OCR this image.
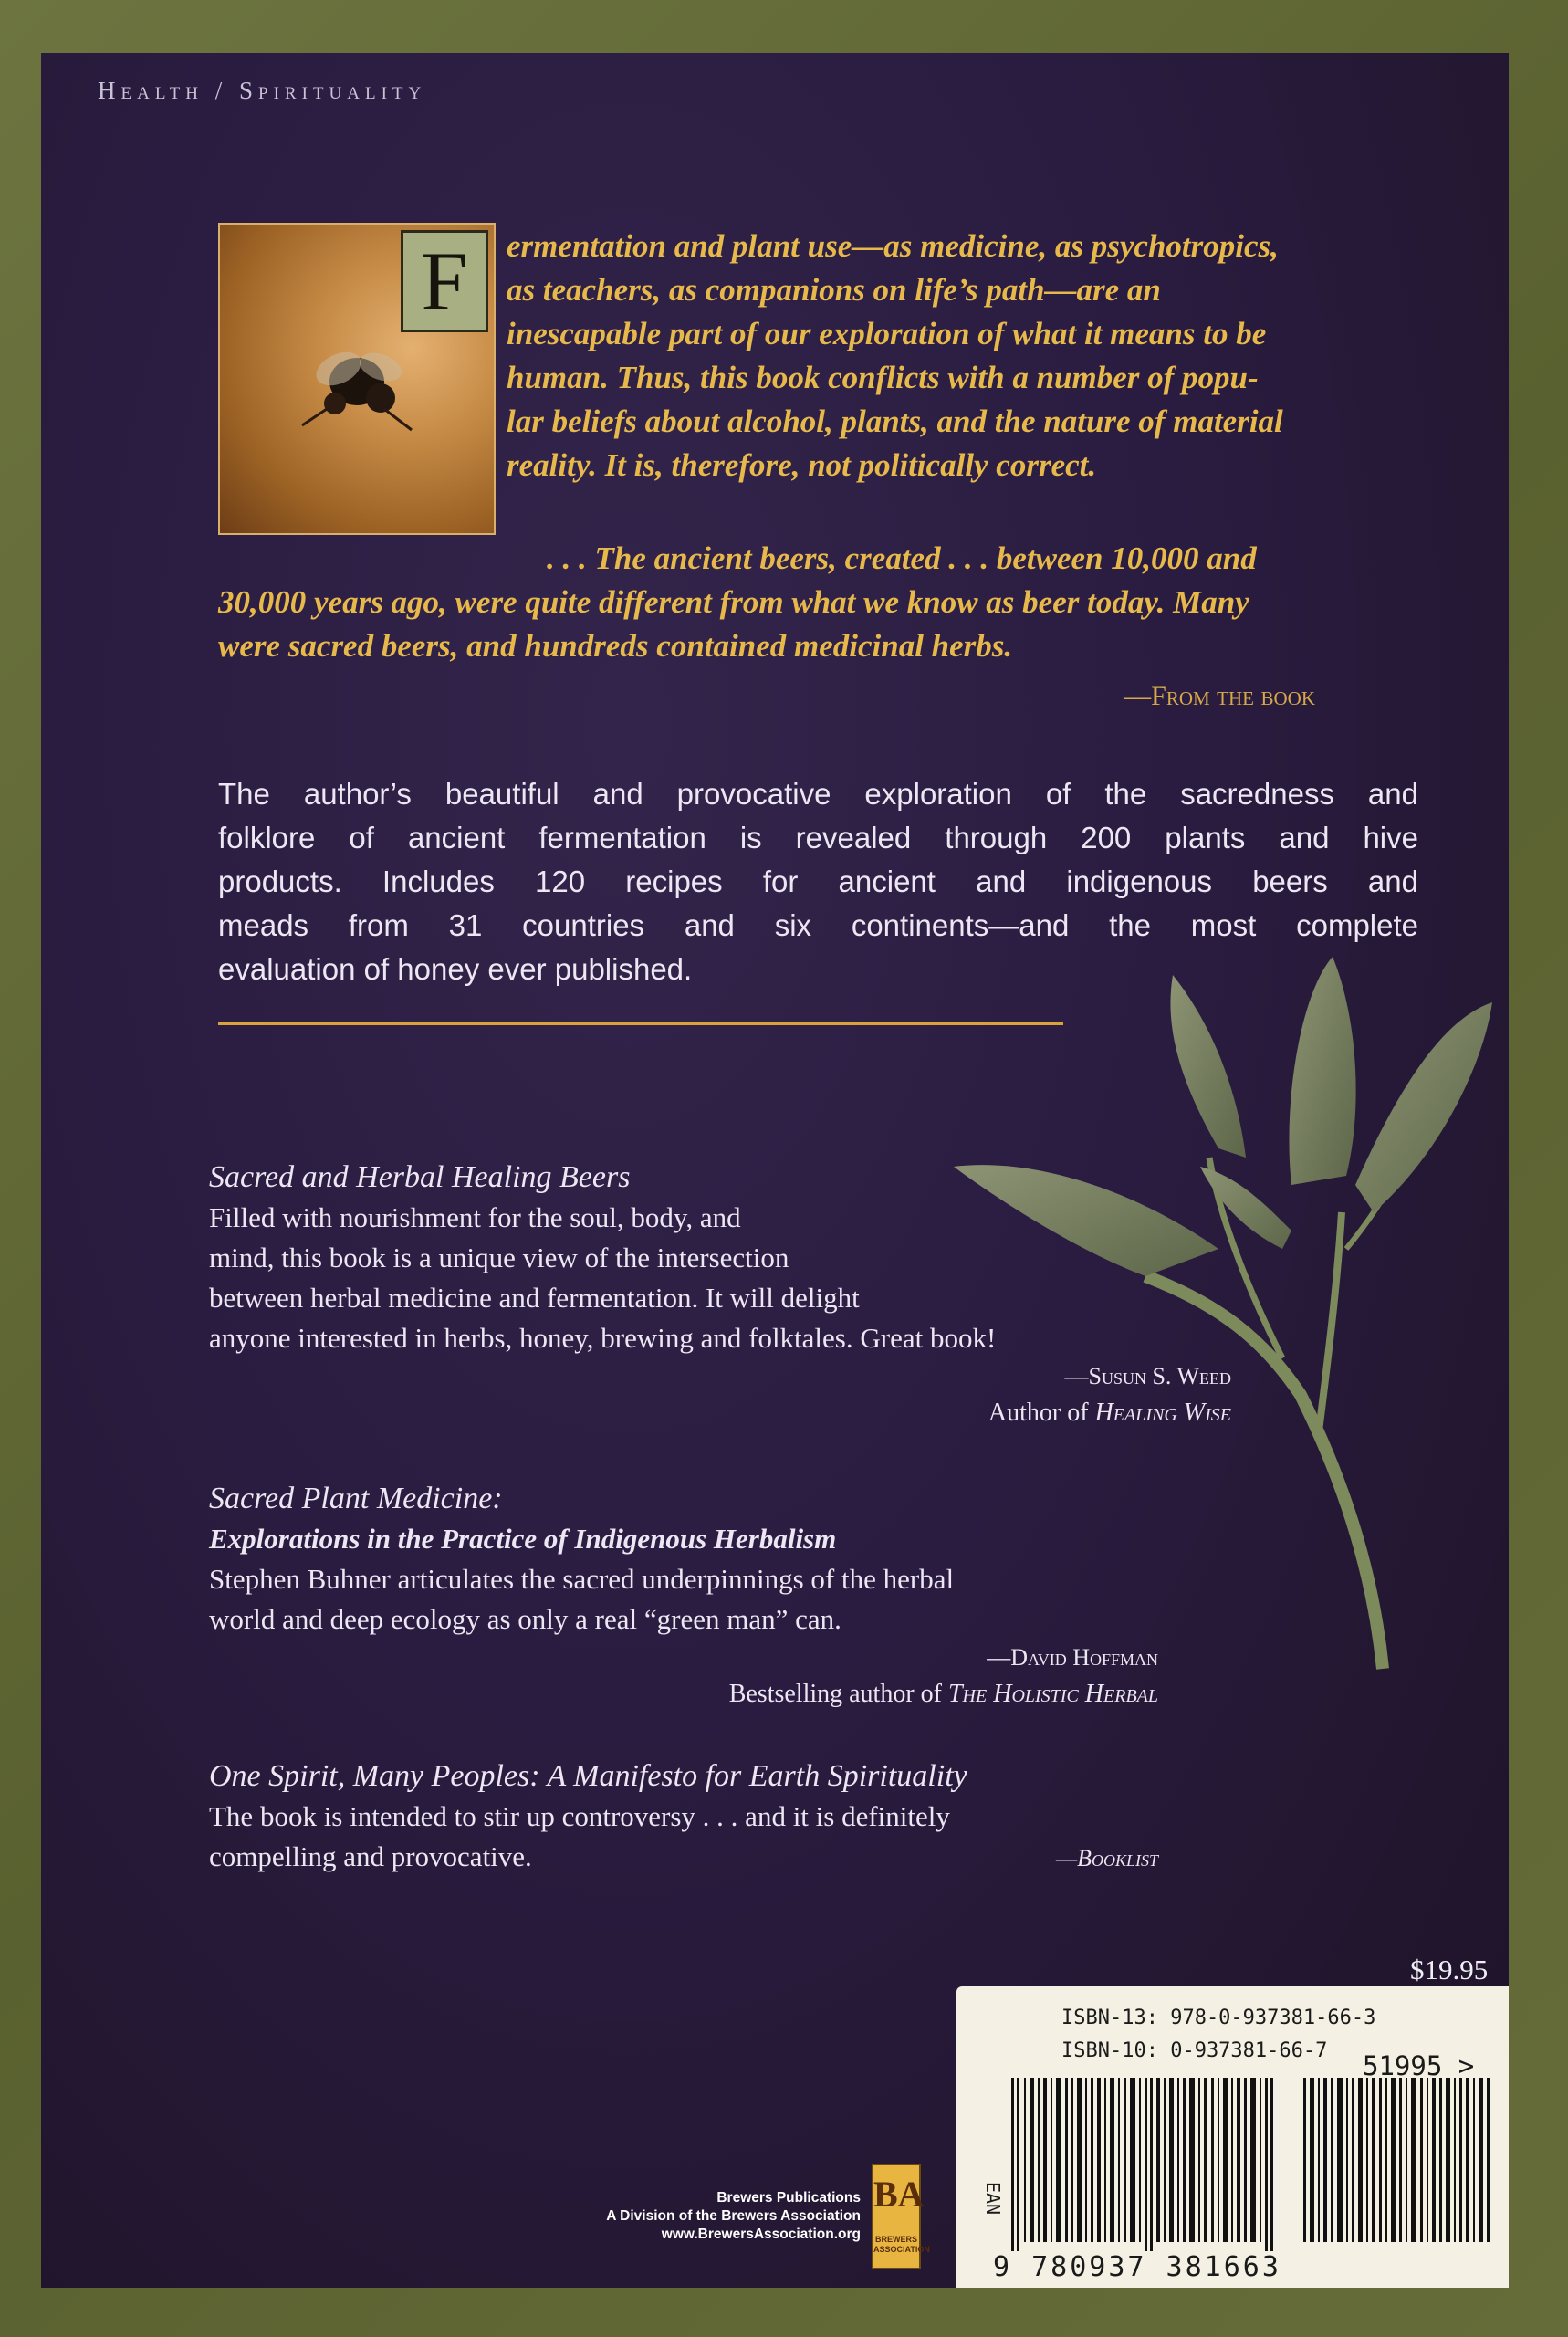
Health / Spirituality
F	ermentation and plant use—as medicine, as psychotropics,
as teachers, as companions on life’s path—are an
inescapable part of our exploration of what it means to be
human. Thus, this book conflicts with a number of popu-
lar beliefs about alcohol, plants, and the nature of material
reality. It is, therefore, not politically correct.
. . . The ancient beers, created . . . between 10,000 and
30,000 years ago, were quite different from what we know as beer today. Many
were sacred beers, and hundreds contained medicinal herbs.
—From the book
The author’s beautiful and provocative exploration of the sacredness and
folklore of ancient fermentation is revealed through 200 plants and hive
products. Includes 120 recipes for ancient and indigenous beers and
meads from 31 countries and six continents—and the most complete
evaluation of honey ever published.
Sacred and Herbal Healing Beers
Filled with nourishment for the soul, body, and
mind, this book is a unique view of the intersection
between herbal medicine and fermentation. It will delight
anyone interested in herbs, honey, brewing and folktales. Great book!
—Susun S. Weed
Author of Healing Wise
Sacred Plant Medicine:
Explorations in the Practice of Indigenous Herbalism
Stephen Buhner articulates the sacred underpinnings of the herbal
world and deep ecology as only a real “green man” can.
—David Hoffman
Bestselling author of The Holistic Herbal
One Spirit, Many Peoples: A Manifesto for Earth Spirituality
The book is intended to stir up controversy . . . and it is definitely
compelling and provocative.	—Booklist
$19.95
ISBN-13: 978-0-937381-66-3
ISBN-10: 0-937381-66-7 51995 >
EAN
9 780937 381663
Brewers Publications
A Division of the Brewers Association
www.BrewersAssociation.org
BA
BREWERS ASSOCIATION
